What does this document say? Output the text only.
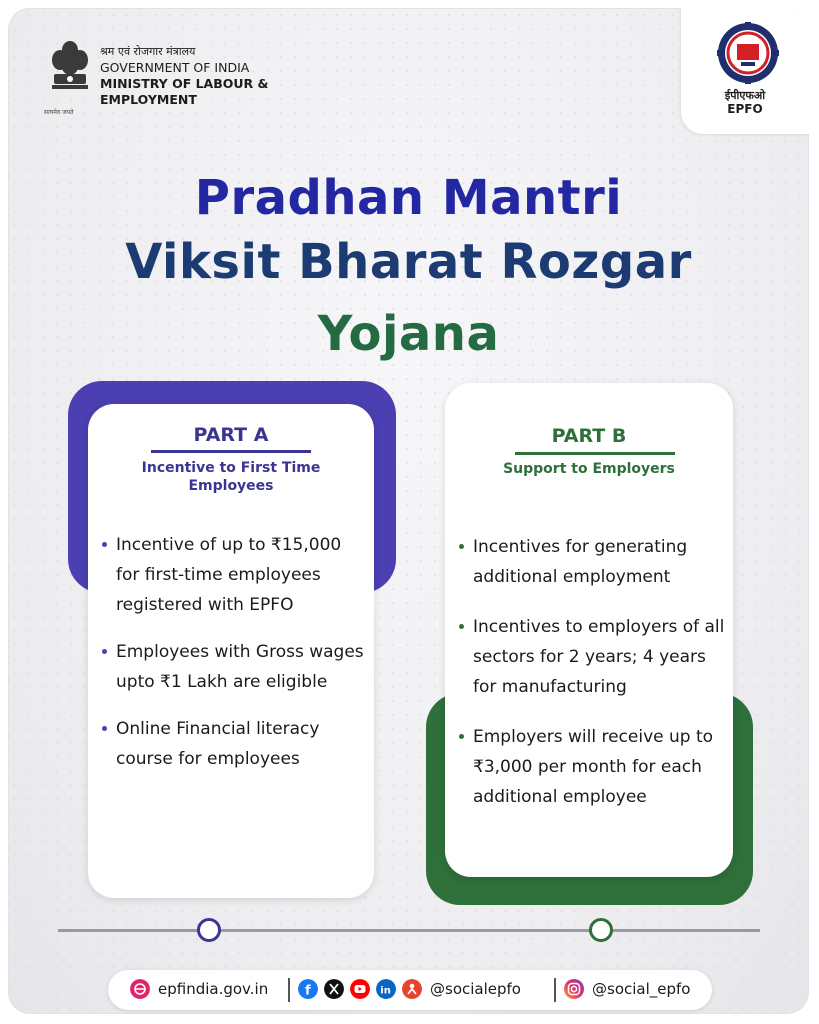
सत्यमेव जयते
श्रम एवं रोजगार मंत्रालय
GOVERNMENT OF INDIA
MINISTRY OF LABOUR &
EMPLOYMENT	ईपीएफओ
EPFO
Pradhan Mantri
Viksit Bharat Rozgar
Yojana
PART A
Incentive to First Time
Employees
Incentive of up to ₹15,000 for first-time employees registered with EPFO
Employees with Gross wages upto ₹1 Lakh are eligible
Online Financial literacy course for employees
PART B
Support to Employers
Incentives for generating additional employment
Incentives to employers of all sectors for 2 years; 4 years for manufacturing
Employers will receive up to ₹3,000 per month for each additional employee
epfindia.gov.in	f	in	@socialepfo	@social_epfo
